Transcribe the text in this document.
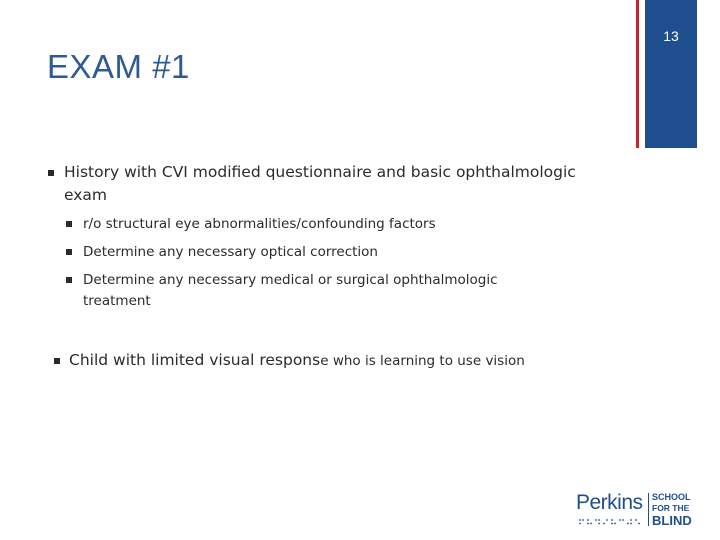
13
EXAM #1
History with CVI modified questionnaire and basic ophthalmologic
exam
r/o structural eye abnormalities/confounding factors
Determine any necessary optical correction
Determine any necessary medical or surgical ophthalmologic
treatment
Child with limited visual response who is learning to use vision
Perkins SCHOOL
FOR THE
BLIND
